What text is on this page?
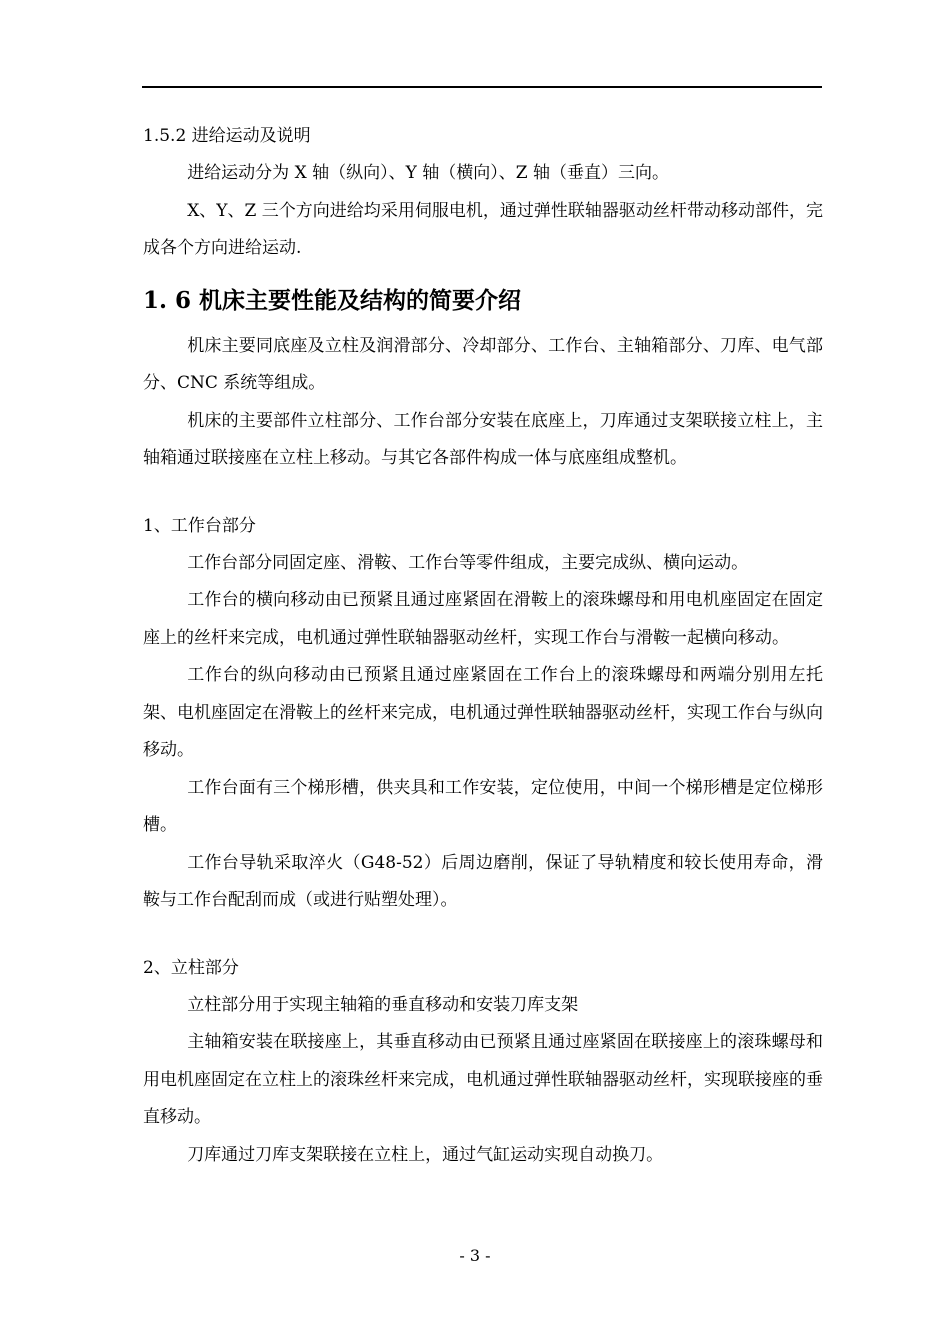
1.5.2 进给运动及说明

进给运动分为 X 轴（纵向）、Y 轴（横向）、Z 轴（垂直）三向。

X、Y、Z 三个方向进给均采用伺服电机，通过弹性联轴器驱动丝杆带动移动部件，完成各个方向进给运动.

1. 6 机床主要性能及结构的简要介绍

机床主要同底座及立柱及润滑部分、冷却部分、工作台、主轴箱部分、刀库、电气部分、CNC 系统等组成。

机床的主要部件立柱部分、工作台部分安装在底座上，刀库通过支架联接立柱上，主轴箱通过联接座在立柱上移动。与其它各部件构成一体与底座组成整机。

1、工作台部分

工作台部分同固定座、滑鞍、工作台等零件组成，主要完成纵、横向运动。

工作台的横向移动由已预紧且通过座紧固在滑鞍上的滚珠螺母和用电机座固定在固定座上的丝杆来完成，电机通过弹性联轴器驱动丝杆，实现工作台与滑鞍一起横向移动。

工作台的纵向移动由已预紧且通过座紧固在工作台上的滚珠螺母和两端分别用左托架、电机座固定在滑鞍上的丝杆来完成，电机通过弹性联轴器驱动丝杆，实现工作台与纵向移动。

工作台面有三个梯形槽，供夹具和工作安装，定位使用，中间一个梯形槽是定位梯形槽。

工作台导轨采取淬火（G48-52）后周边磨削，保证了导轨精度和较长使用寿命，滑鞍与工作台配刮而成（或进行贴塑处理）。

2、立柱部分

立柱部分用于实现主轴箱的垂直移动和安装刀库支架

主轴箱安装在联接座上，其垂直移动由已预紧且通过座紧固在联接座上的滚珠螺母和用电机座固定在立柱上的滚珠丝杆来完成，电机通过弹性联轴器驱动丝杆，实现联接座的垂直移动。

刀库通过刀库支架联接在立柱上，通过气缸运动实现自动换刀。

- 3 -
